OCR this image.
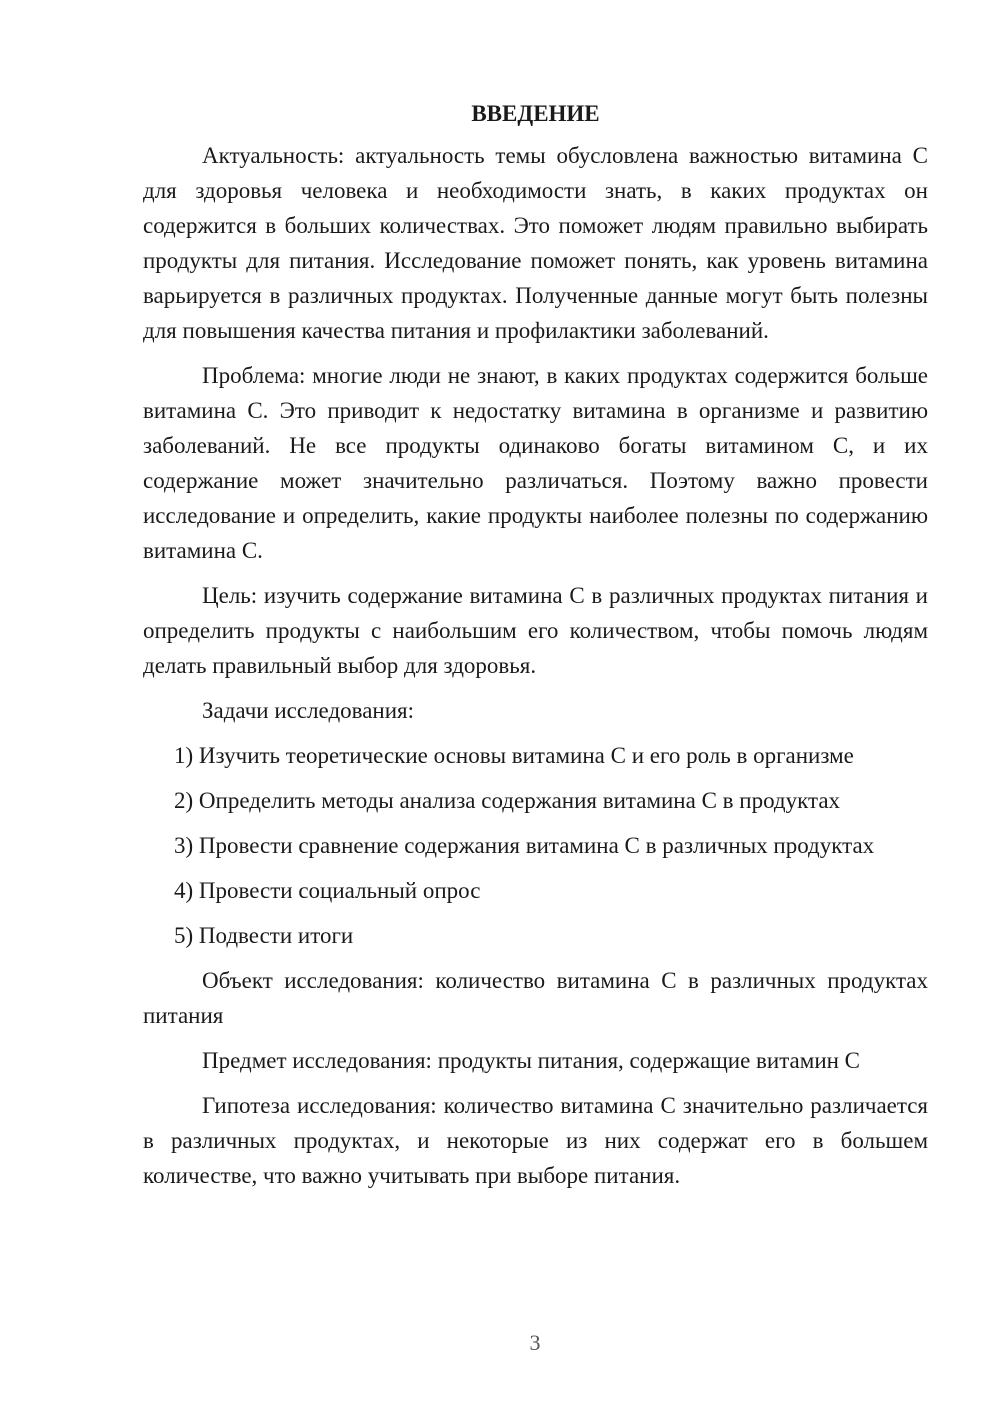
ВВЕДЕНИЕ

Актуальность: актуальность темы обусловлена важностью витамина С для здоровья человека и необходимости знать, в каких продуктах он содержится в больших количествах. Это поможет людям правильно выбирать продукты для питания. Исследование поможет понять, как уровень витамина варьируется в различных продуктах. Полученные данные могут быть полезны для повышения качества питания и профилактики заболеваний.

Проблема: многие люди не знают, в каких продуктах содержится больше витамина С. Это приводит к недостатку витамина в организме и развитию заболеваний. Не все продукты одинаково богаты витамином С, и их содержание может значительно различаться. Поэтому важно провести исследование и определить, какие продукты наиболее полезны по содержанию витамина С.

Цель: изучить содержание витамина С в различных продуктах питания и определить продукты с наибольшим его количеством, чтобы помочь людям делать правильный выбор для здоровья.

Задачи исследования:

1) Изучить теоретические основы витамина С и его роль в организме

2) Определить методы анализа содержания витамина С в продуктах

3) Провести сравнение содержания витамина С в различных продуктах

4) Провести социальный опрос

5) Подвести итоги

Объект исследования: количество витамина С в различных продуктах питания

Предмет исследования: продукты питания, содержащие витамин С

Гипотеза исследования: количество витамина С значительно различается в различных продуктах, и некоторые из них содержат его в большем количестве, что важно учитывать при выборе питания.

3
